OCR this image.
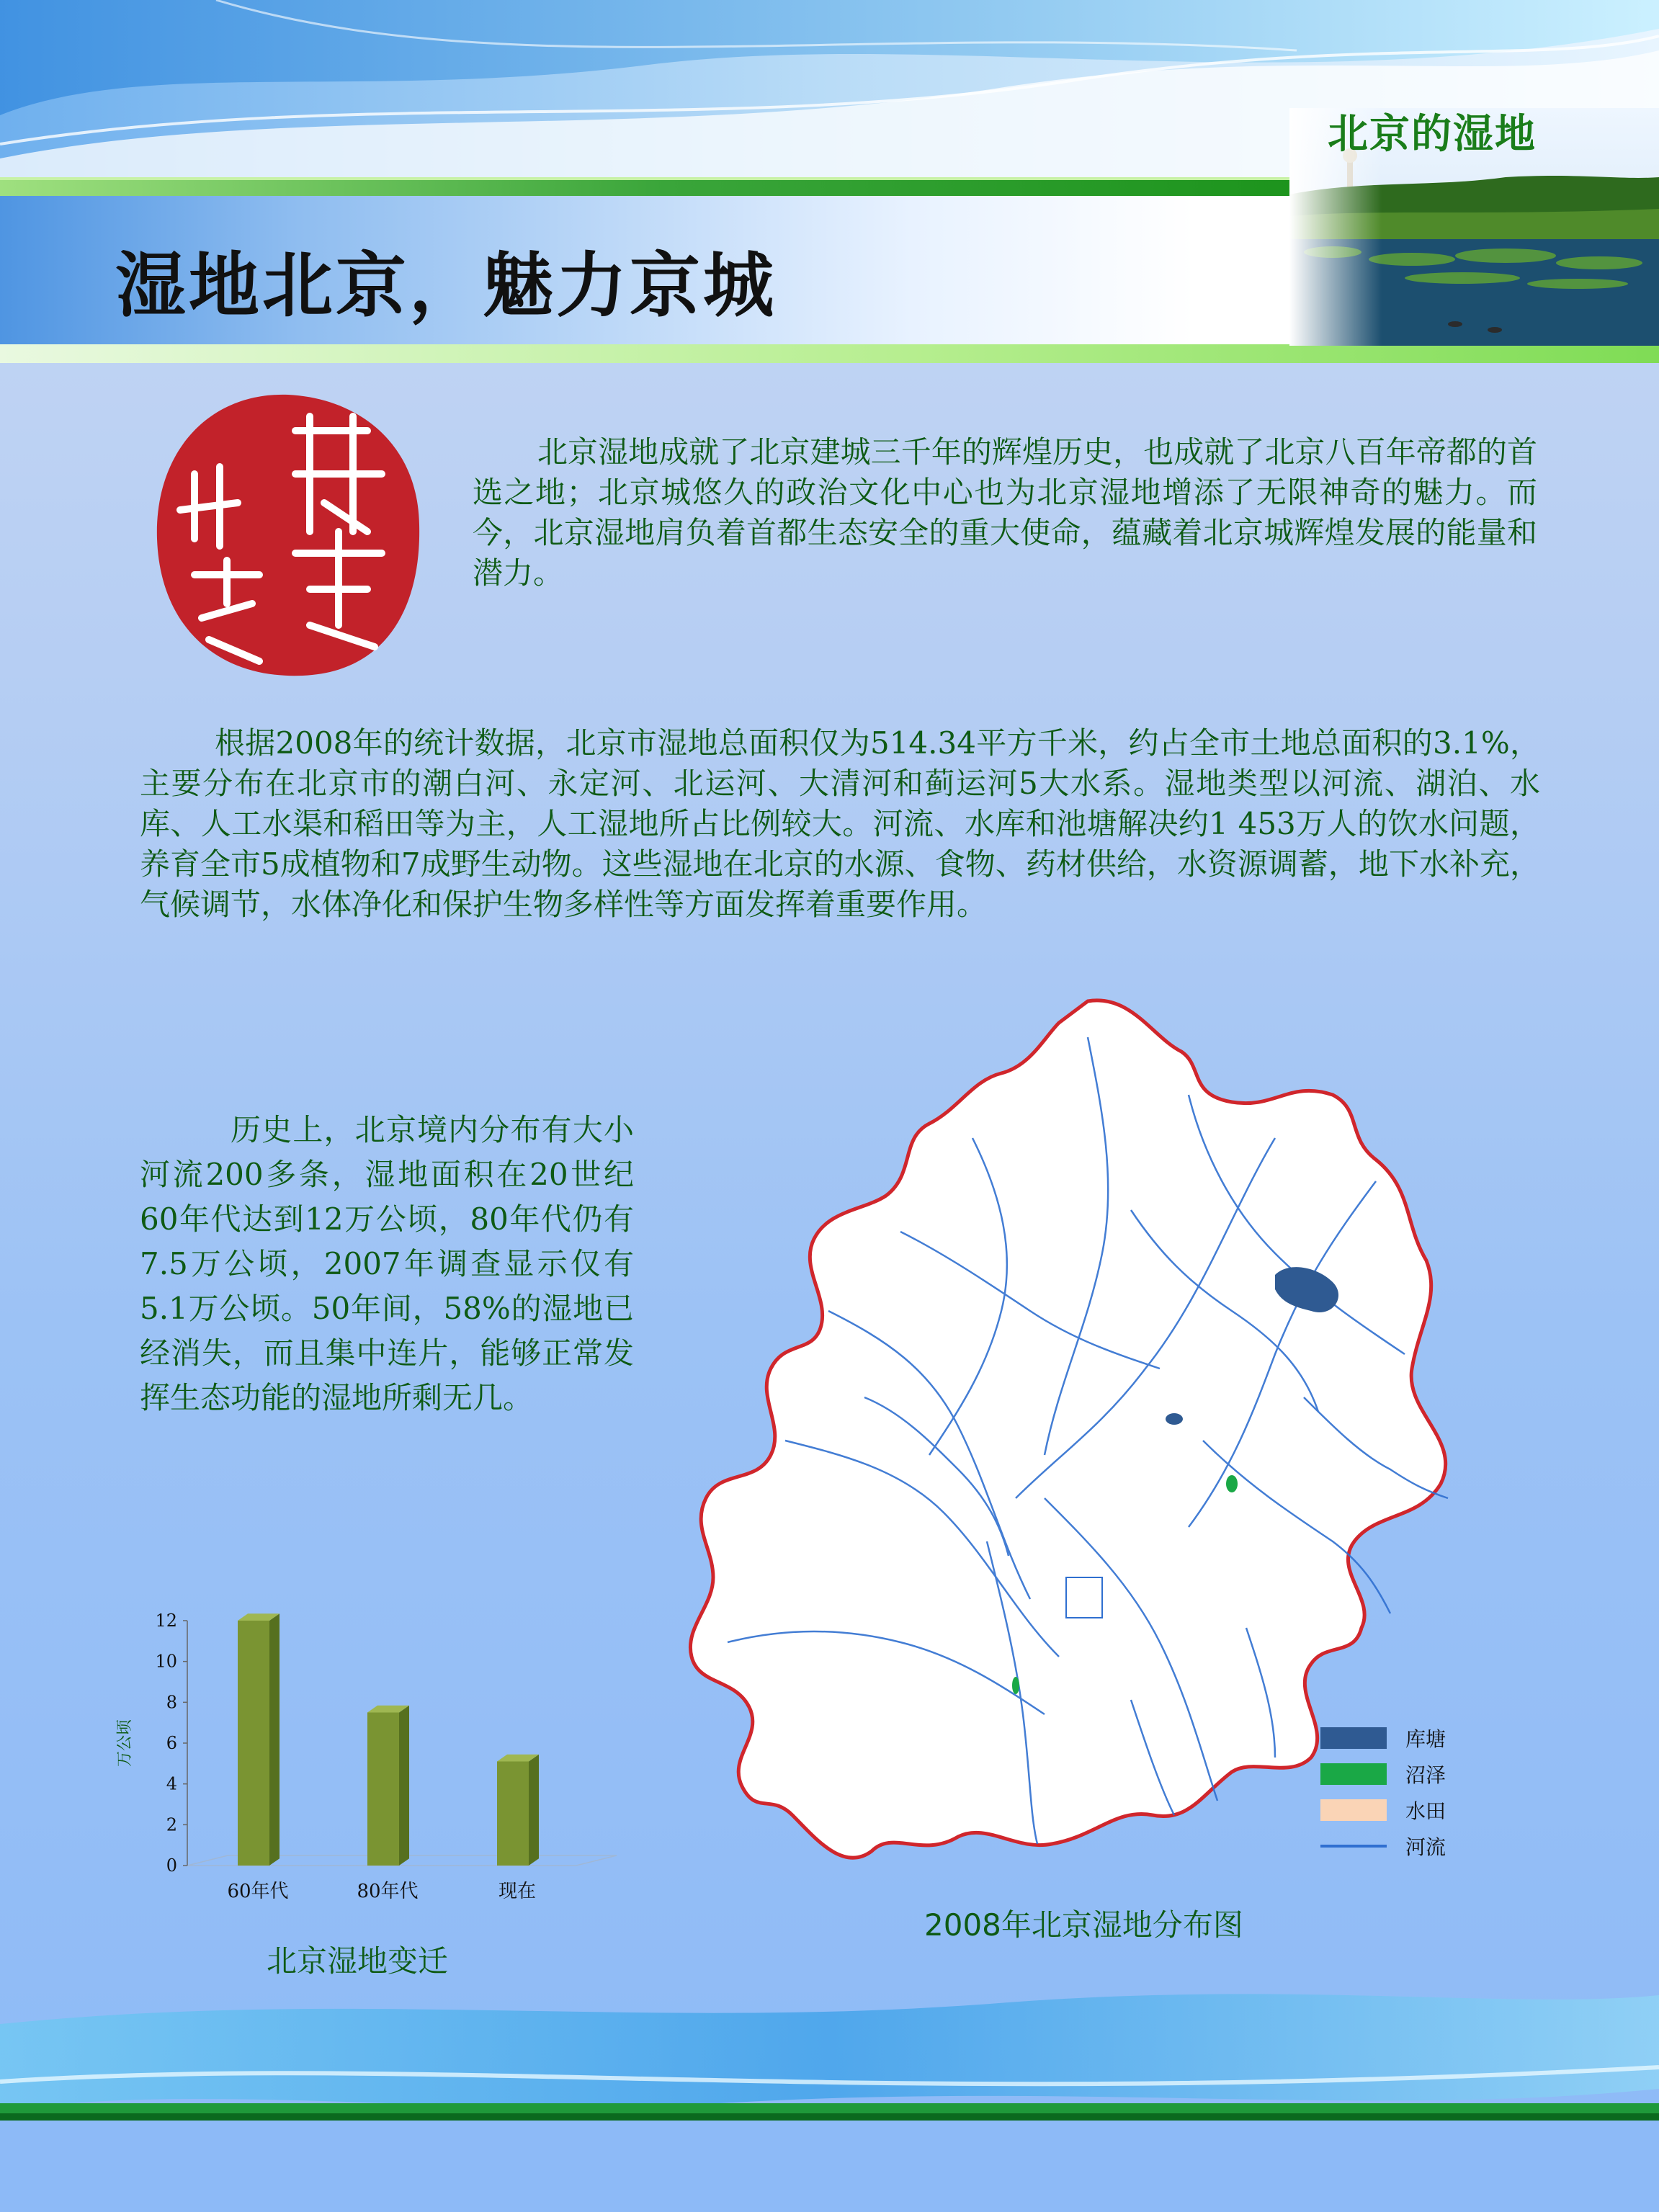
北京的湿地
湿地北京，魅力京城
北京湿地成就了北京建城三千年的辉煌历史，也成就了北京八百年帝都的首选之地；北京城悠久的政治文化中心也为北京湿地增添了无限神奇的魅力。而今，北京湿地肩负着首都生态安全的重大使命，蕴藏着北京城辉煌发展的能量和潜力。
根据2008年的统计数据，北京市湿地总面积仅为514.34平方千米，约占全市土地总面积的3.1%，主要分布在北京市的潮白河、永定河、北运河、大清河和蓟运河5大水系。湿地类型以河流、湖泊、水库、人工水渠和稻田等为主，人工湿地所占比例较大。河流、水库和池塘解决约1 453万人的饮水问题，养育全市5成植物和7成野生动物。这些湿地在北京的水源、食物、药材供给，水资源调蓄，地下水补充，气候调节，水体净化和保护生物多样性等方面发挥着重要作用。
历史上，北京境内分布有大小河流200多条，湿地面积在20世纪60年代达到12万公顷，80年代仍有7.5万公顷，2007年调查显示仅有5.1万公顷。50年间，58%的湿地已经消失，而且集中连片，能够正常发挥生态功能的湿地所剩无几。
0
2
4
6
8
10
12
万公顷
60年代	80年代	现在
北京湿地变迁
库塘
沼泽
水田
河流
2008年北京湿地分布图
